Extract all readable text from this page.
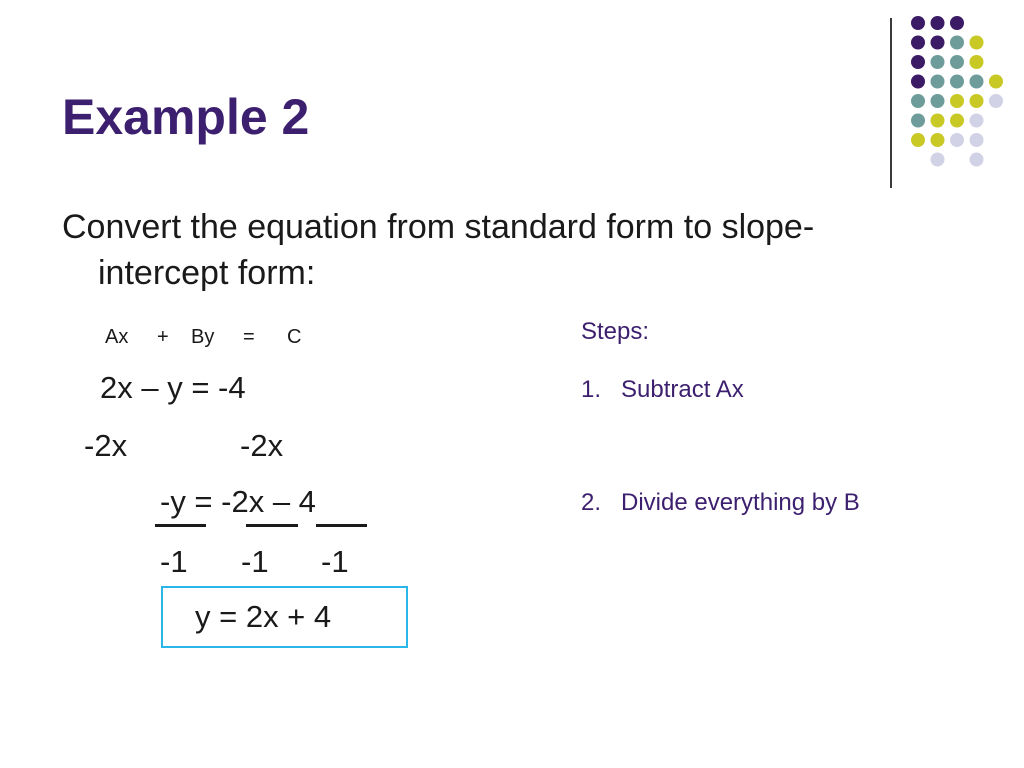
Example 2
Convert the equation from standard form to slope-
intercept form:
Ax + By = C
2x – y = -4
-2x	-2x
-y = -2x – 4
-1 -1 -1
y = 2x + 4
Steps:
1. Subtract Ax
2. Divide everything by B
